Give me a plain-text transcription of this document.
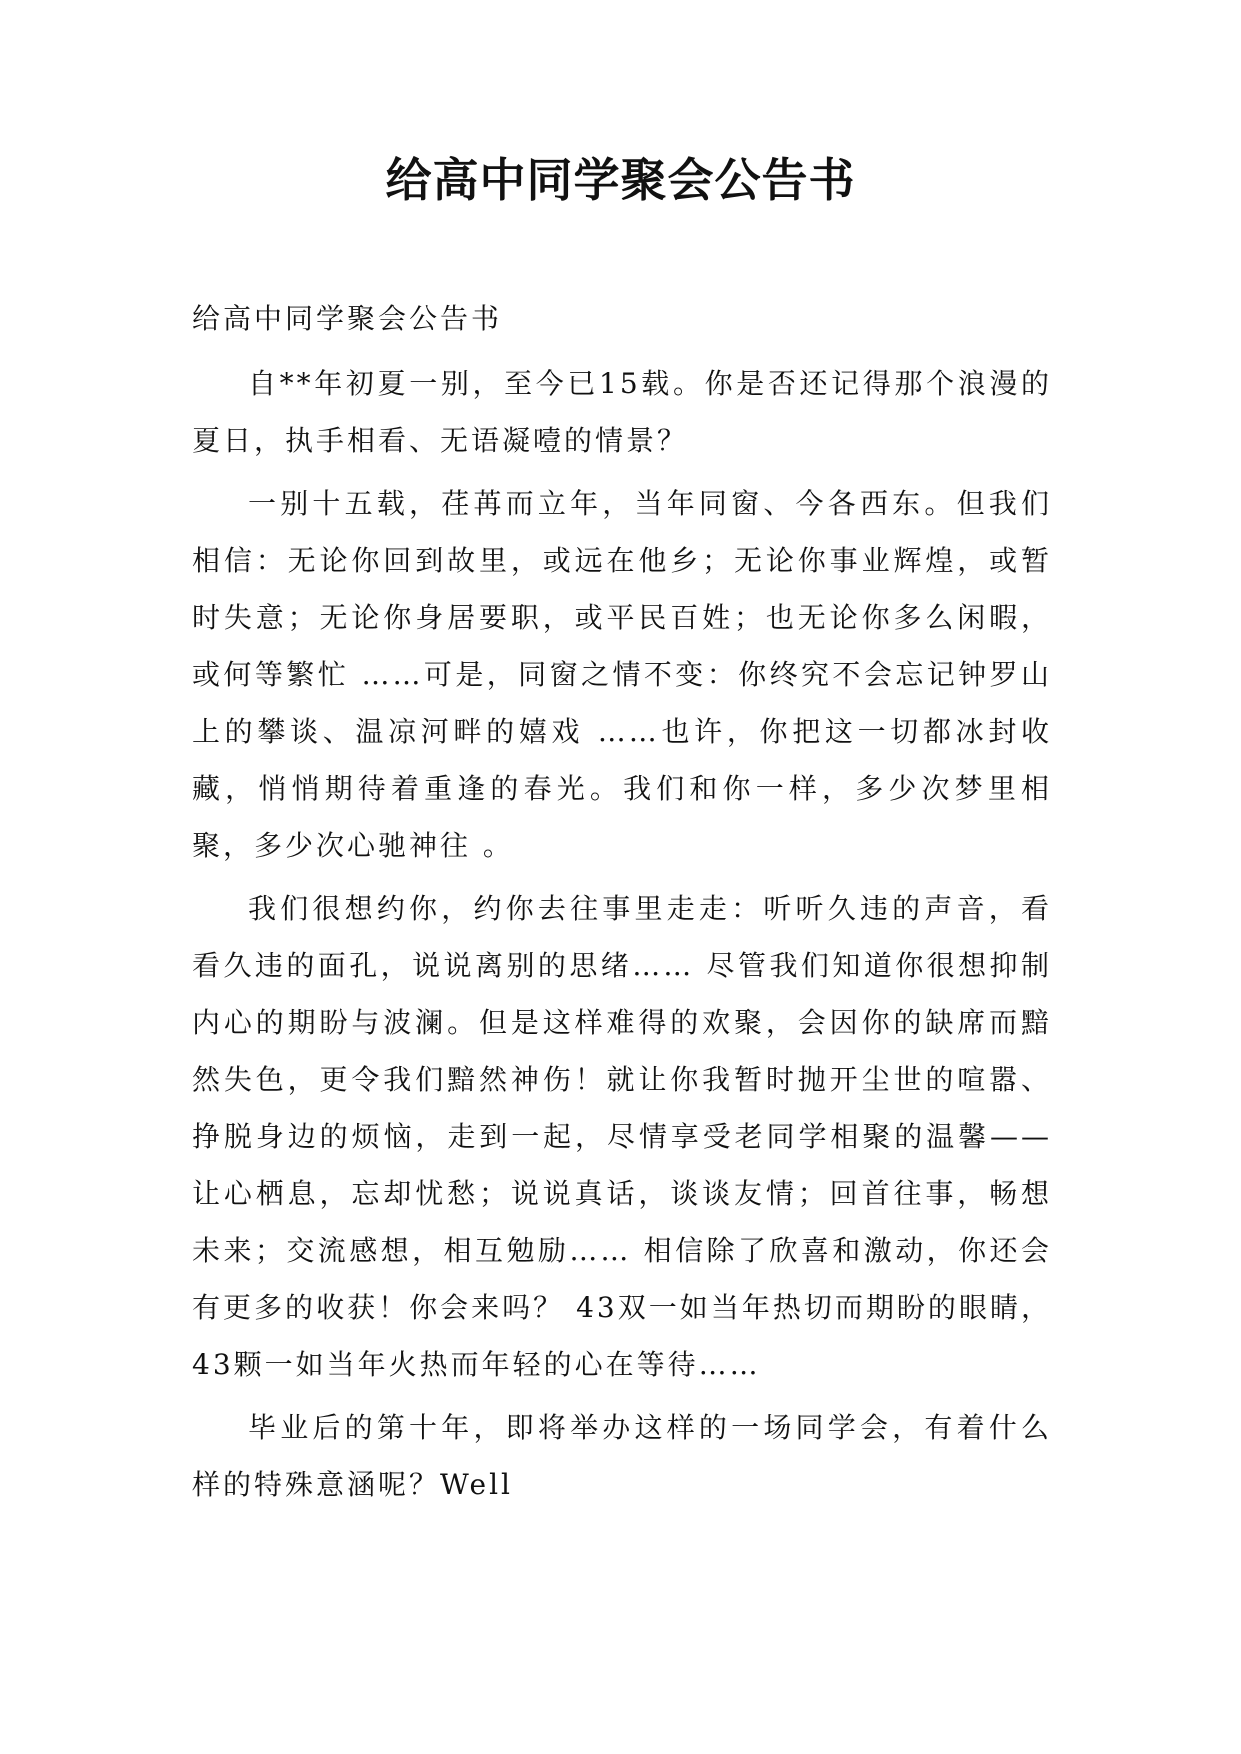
给高中同学聚会公告书
给高中同学聚会公告书

自**年初夏一别，至今已15载。你是否还记得那个浪漫的夏日，执手相看、无语凝噎的情景？

一别十五载，荏苒而立年，当年同窗、今各西东。但我们相信：无论你回到故里，或远在他乡；无论你事业辉煌，或暂时失意；无论你身居要职，或平民百姓；也无论你多么闲暇，或何等繁忙 ……可是，同窗之情不变：你终究不会忘记钟罗山上的攀谈、温凉河畔的嬉戏 ……也许，你把这一切都冰封收藏，悄悄期待着重逢的春光。我们和你一样，多少次梦里相聚，多少次心驰神往 。

我们很想约你，约你去往事里走走：听听久违的声音，看看久违的面孔，说说离别的思绪…… 尽管我们知道你很想抑制内心的期盼与波澜。但是这样难得的欢聚，会因你的缺席而黯然失色，更令我们黯然神伤！就让你我暂时抛开尘世的喧嚣、挣脱身边的烦恼，走到一起，尽情享受老同学相聚的温馨——让心栖息，忘却忧愁；说说真话，谈谈友情；回首往事，畅想未来；交流感想，相互勉励…… 相信除了欣喜和激动，你还会有更多的收获！你会来吗？ 43双一如当年热切而期盼的眼睛，43颗一如当年火热而年轻的心在等待……

毕业后的第十年，即将举办这样的一场同学会，有着什么样的特殊意涵呢？Well
